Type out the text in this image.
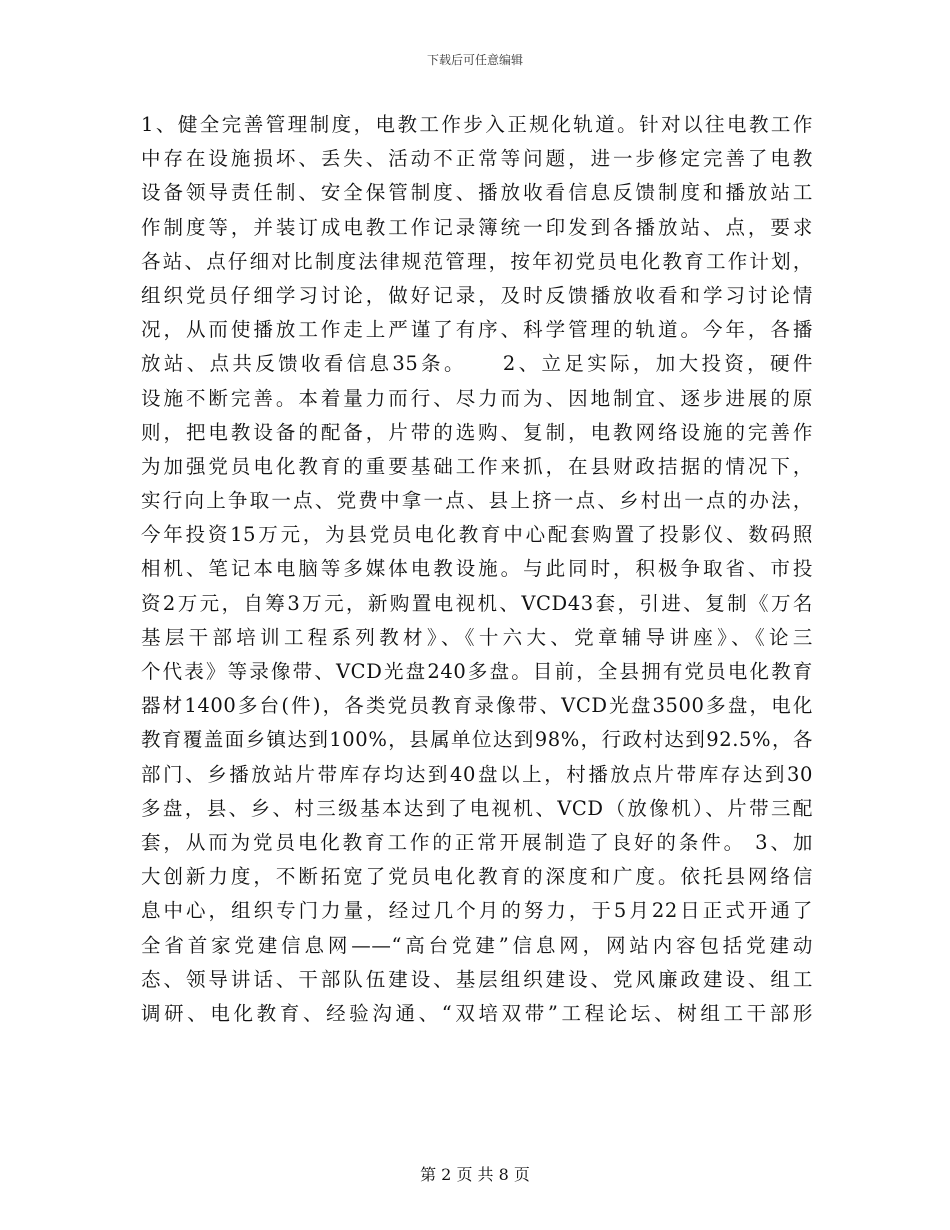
下载后可任意编辑
1、健全完善管理制度，电教工作步入正规化轨道。针对以往电教工作
中存在设施损坏、丢失、活动不正常等问题，进一步修定完善了电教
设备领导责任制、安全保管制度、播放收看信息反馈制度和播放站工
作制度等，并装订成电教工作记录簿统一印发到各播放站、点，要求
各站、点仔细对比制度法律规范管理，按年初党员电化教育工作计划，
组织党员仔细学习讨论，做好记录，及时反馈播放收看和学习讨论情
况，从而使播放工作走上严谨了有序、科学管理的轨道。今年，各播
放站、点共反馈收看信息35条。　　2、立足实际，加大投资，硬件
设施不断完善。本着量力而行、尽力而为、因地制宜、逐步进展的原
则，把电教设备的配备，片带的选购、复制，电教网络设施的完善作
为加强党员电化教育的重要基础工作来抓，在县财政拮据的情况下，
实行向上争取一点、党费中拿一点、县上挤一点、乡村出一点的办法，
今年投资15万元，为县党员电化教育中心配套购置了投影仪、数码照
相机、笔记本电脑等多媒体电教设施。与此同时，积极争取省、市投
资2万元，自筹3万元，新购置电视机、VCD43套，引进、复制《万名
基层干部培训工程系列教材》、《十六大、党章辅导讲座》、《论三
个代表》等录像带、VCD光盘240多盘。目前，全县拥有党员电化教育
器材1400多台(件)，各类党员教育录像带、VCD光盘3500多盘，电化
教育覆盖面乡镇达到100%，县属单位达到98%，行政村达到92.5%，各
部门、乡播放站片带库存均达到40盘以上，村播放点片带库存达到30
多盘，县、乡、村三级基本达到了电视机、VCD（放像机）、片带三配
套，从而为党员电化教育工作的正常开展制造了良好的条件。 3、加
大创新力度，不断拓宽了党员电化教育的深度和广度。依托县网络信
息中心，组织专门力量，经过几个月的努力，于5月22日正式开通了
全省首家党建信息网——“高台党建”信息网，网站内容包括党建动
态、领导讲话、干部队伍建设、基层组织建设、党风廉政建设、组工
调研、电化教育、经验沟通、“双培双带”工程论坛、树组工干部形
第 2 页 共 8 页
